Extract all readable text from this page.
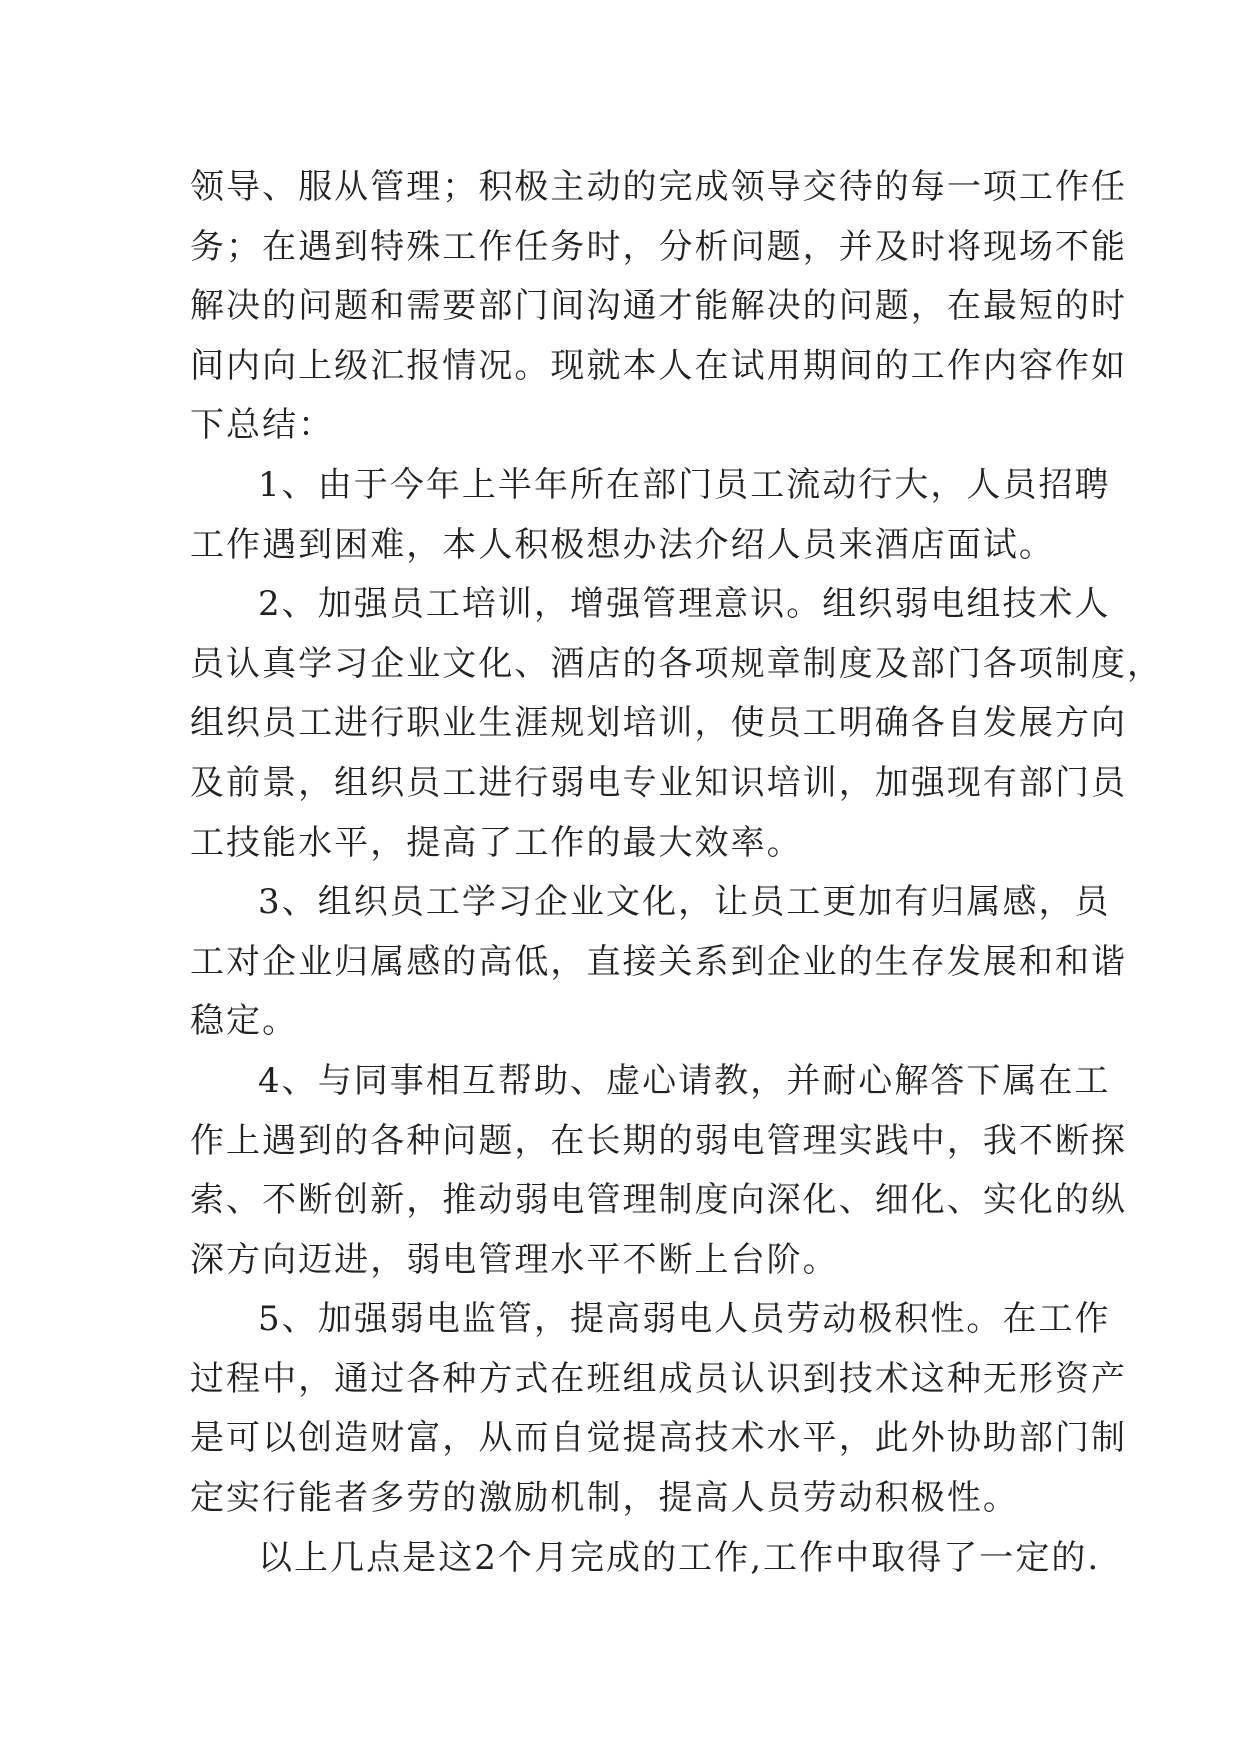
领导、服从管理；积极主动的完成领导交待的每一项工作任
务；在遇到特殊工作任务时，分析问题，并及时将现场不能
解决的问题和需要部门间沟通才能解决的问题，在最短的时
间内向上级汇报情况。现就本人在试用期间的工作内容作如
下总结：
1、由于今年上半年所在部门员工流动行大，人员招聘
工作遇到困难，本人积极想办法介绍人员来酒店面试。
2、加强员工培训，增强管理意识。组织弱电组技术人
员认真学习企业文化、酒店的各项规章制度及部门各项制度，
组织员工进行职业生涯规划培训，使员工明确各自发展方向
及前景，组织员工进行弱电专业知识培训，加强现有部门员
工技能水平，提高了工作的最大效率。
3、组织员工学习企业文化，让员工更加有归属感，员
工对企业归属感的高低，直接关系到企业的生存发展和和谐
稳定。
4、与同事相互帮助、虚心请教，并耐心解答下属在工
作上遇到的各种问题，在长期的弱电管理实践中，我不断探
索、不断创新，推动弱电管理制度向深化、细化、实化的纵
深方向迈进，弱电管理水平不断上台阶。
5、加强弱电监管，提高弱电人员劳动极积性。在工作
过程中，通过各种方式在班组成员认识到技术这种无形资产
是可以创造财富，从而自觉提高技术水平，此外协助部门制
定实行能者多劳的激励机制，提高人员劳动积极性。
以上几点是这2个月完成的工作,工作中取得了一定的.
